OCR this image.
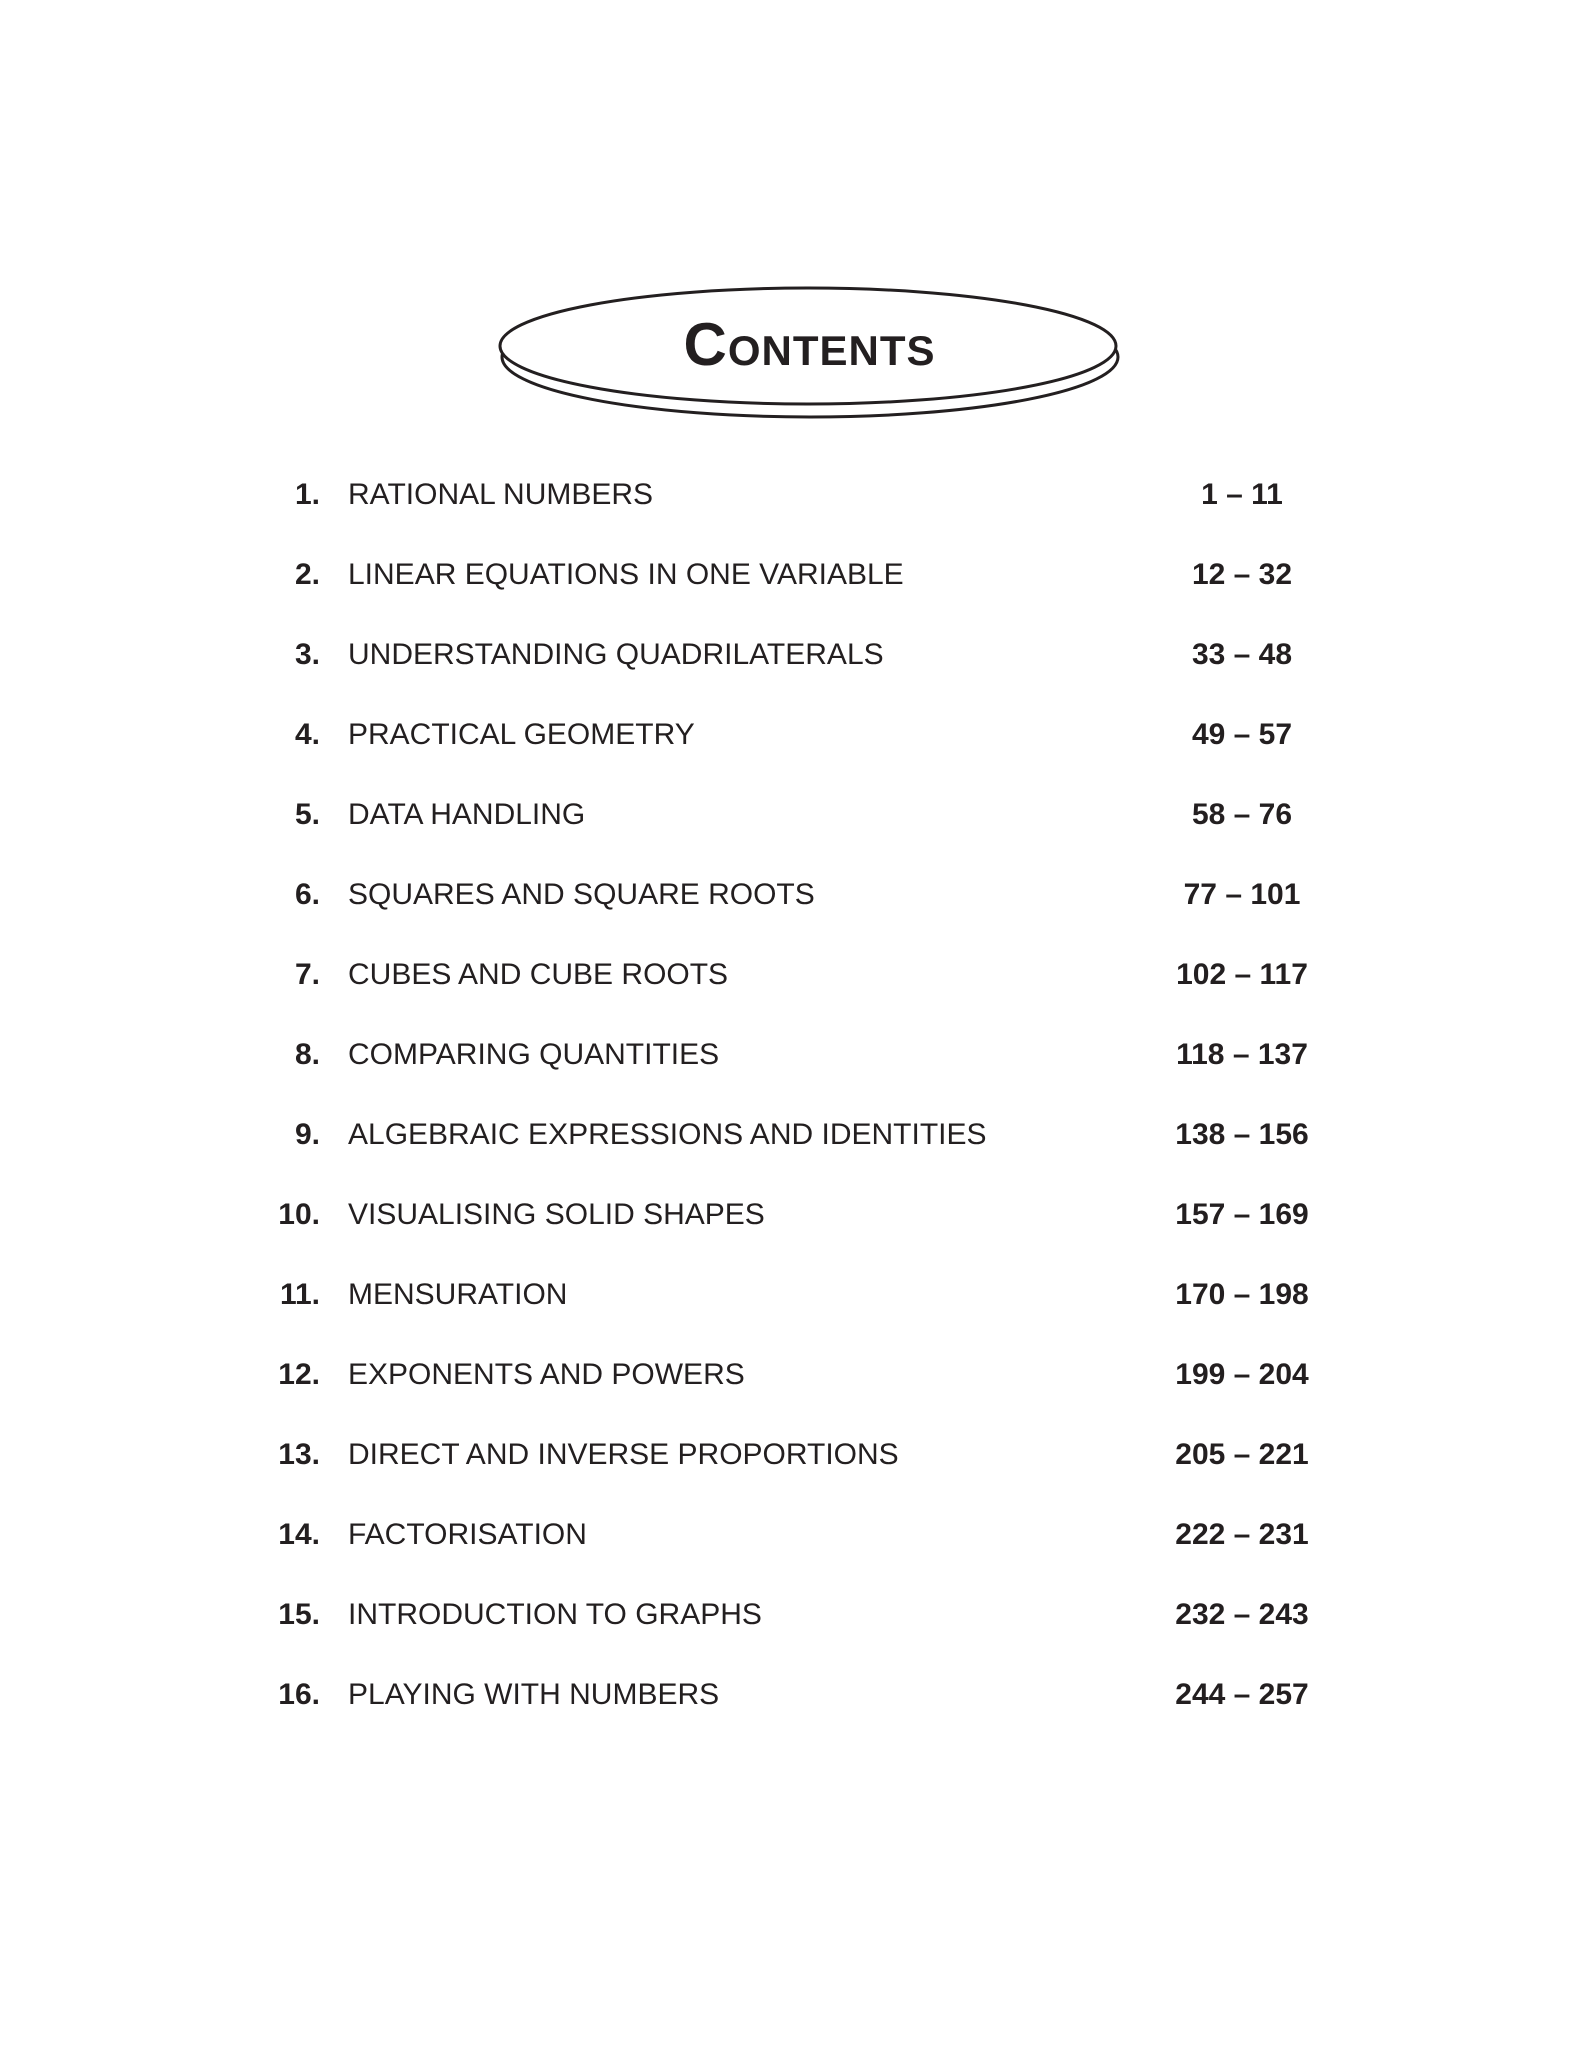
Contents
1. RATIONAL NUMBERS	1 – 11
2. LINEAR EQUATIONS IN ONE VARIABLE	12 – 32
3. UNDERSTANDING QUADRILATERALS	33 – 48
4. PRACTICAL GEOMETRY	49 – 57
5. DATA HANDLING	58 – 76
6. SQUARES AND SQUARE ROOTS	77 – 101
7. CUBES AND CUBE ROOTS	102 – 117
8. COMPARING QUANTITIES	118 – 137
9. ALGEBRAIC EXPRESSIONS AND IDENTITIES	138 – 156
10. VISUALISING SOLID SHAPES	157 – 169
11. MENSURATION	170 – 198
12. EXPONENTS AND POWERS	199 – 204
13. DIRECT AND INVERSE PROPORTIONS	205 – 221
14. FACTORISATION	222 – 231
15. INTRODUCTION TO GRAPHS	232 – 243
16. PLAYING WITH NUMBERS	244 – 257
